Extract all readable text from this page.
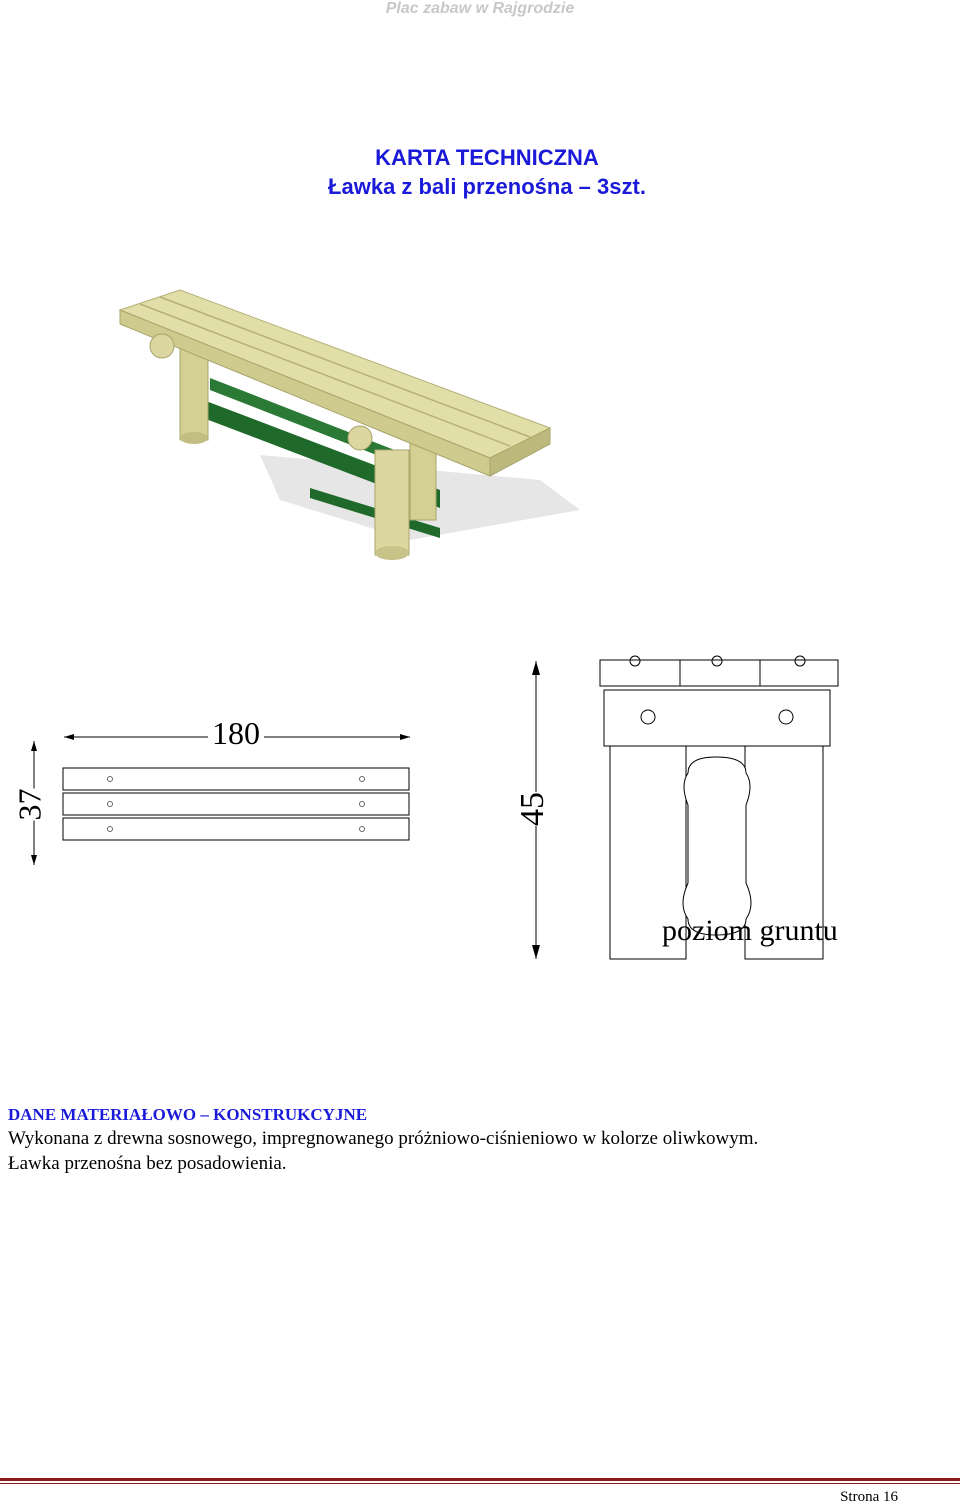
Plac zabaw w Rajgrodzie
KARTA TECHNICZNA
Ławka z bali przenośna – 3szt.
180
37	45
poziom gruntu
DANE MATERIAŁOWO – KONSTRUKCYJNE
Wykonana z drewna sosnowego, impregnowanego próżniowo-ciśnieniowo w kolorze oliwkowym.
Ławka przenośna bez posadowienia.
Strona 16
